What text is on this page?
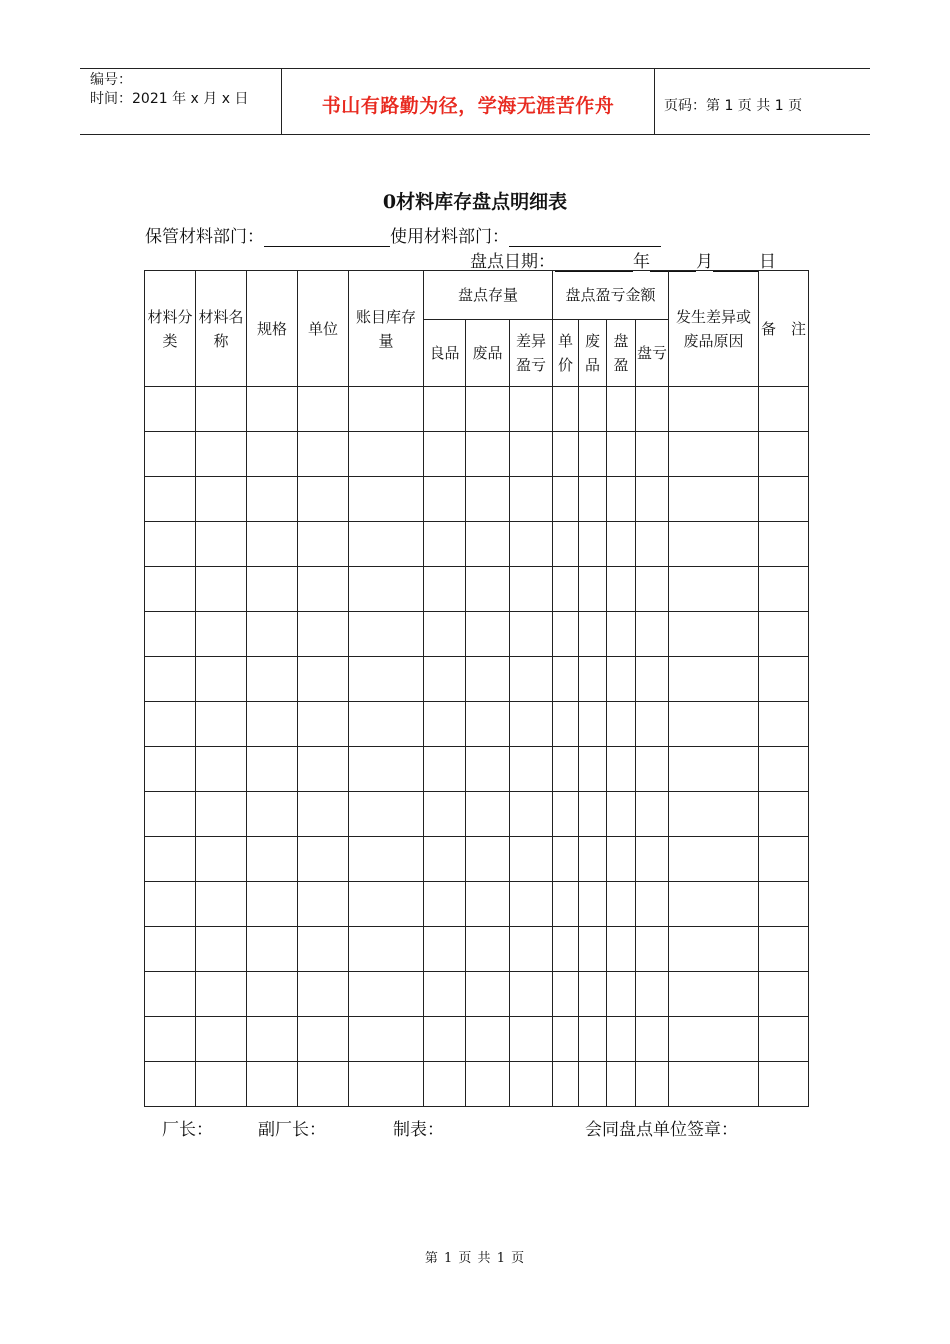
编号：
时间：2021 年 x 月 x 日	书山有路勤为径，学海无涯苦作舟	页码：第 1 页 共 1 页
0材料库存盘点明细表
保管材料部门：	使用材料部门：
盘点日期：	年	月	日
材料分类	材料名称	规格	单位	账目库存　量	盘点存量			盘点盈亏金额				发生差异或废品原因	备　注
					良品	废品	差异盈亏	单价	废品	盘盈	盘亏		

厂长：	副厂长：	制表：	会同盘点单位签章：
第 1 页 共 1 页
